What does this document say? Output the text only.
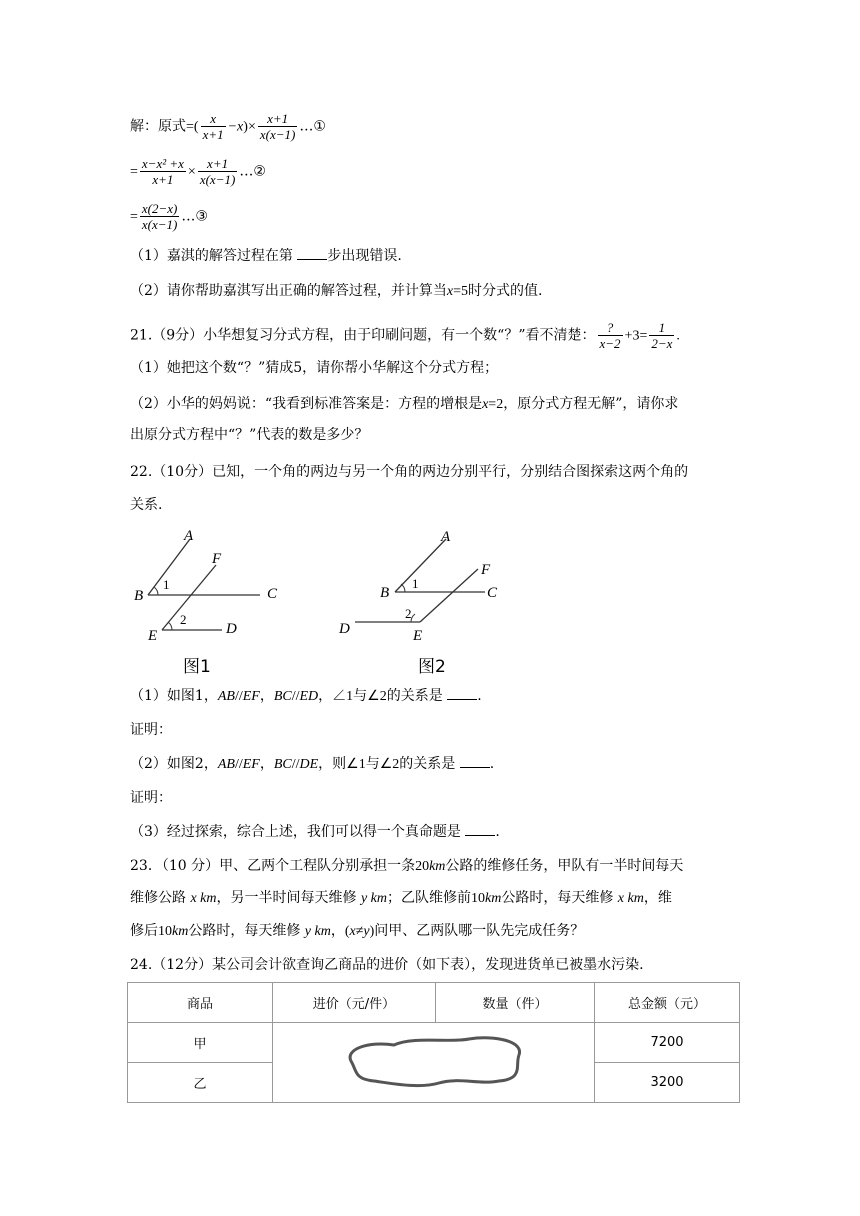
解：原式=( $\frac{x}{x+1} -x)\times \frac{x+1}{x(x-1)}$ …①
= $\frac{\text{x−x² +x}}{x+1} \times \frac{x+1}{x(x-1)}$ …②
= $\frac{x(2-x)}{x(x-1)}$ …③
（1）嘉淇的解答过程在第 步出现错误.
（2）请你帮助嘉淇写出正确的解答过程，并计算当x=5时分式的值.
21.（9分）小华想复习分式方程，由于印刷问题，有一个数“？”看不清楚： $\frac{?}{x-2} +3= \frac{1}{2-x}$ .
（1）她把这个数“？”猜成5，请你帮小华解这个分式方程；
（2）小华的妈妈说：“我看到标准答案是：方程的增根是x=2，原分式方程无解”，请你求
出原分式方程中“？”代表的数是多少？
22.（10分）已知，一个角的两边与另一个角的两边分别平行，分别结合图探索这两个角的
关系.
A
F
B	C
1
2
E	D
图1
A
F
B	C
1
2
D	E
图2
（1）如图1，AB//EF，BC//ED，∠1与∠2的关系是 .
证明：
（2）如图2，AB//EF，BC//DE，则∠1与∠2的关系是 .
证明：
（3）经过探索，综合上述，我们可以得一个真命题是 .
23．（10 分）甲、乙两个工程队分别承担一条20km公路的维修任务，甲队有一半时间每天
维修公路 x km，另一半时间每天维修 y km；乙队维修前10km公路时，每天维修 x km，维
修后10km公路时，每天维修 y km，(x≠y)问甲、乙两队哪一队先完成任务？
24.（12分）某公司会计欲查询乙商品的进价（如下表），发现进货单已被墨水污染.
商品	进价（元/件）	数量（件）	总金额（元）
甲			7200
乙			3200
